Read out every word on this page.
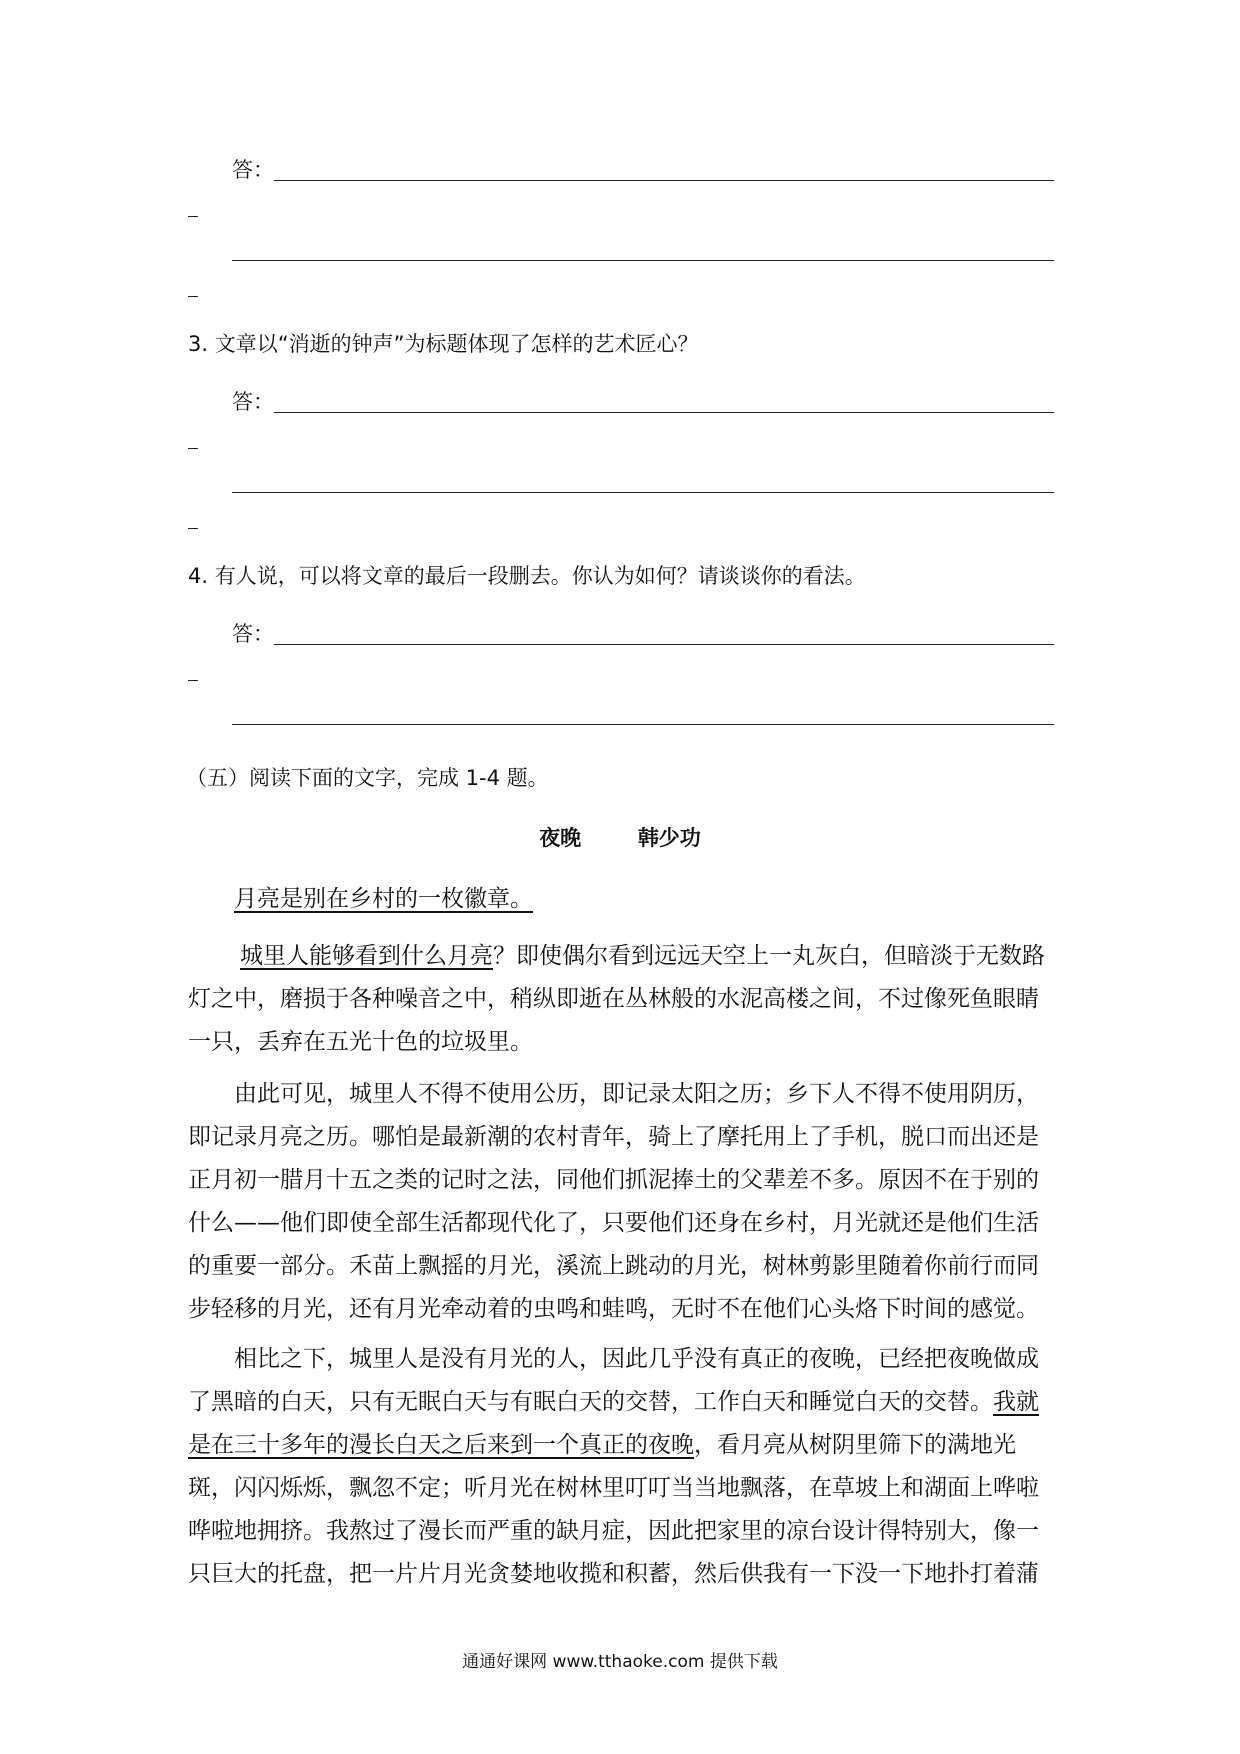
答：
3. 文章以“消逝的钟声”为标题体现了怎样的艺术匠心？
答：
4. 有人说，可以将文章的最后一段删去。你认为如何？请谈谈你的看法。
答：
（五）阅读下面的文字，完成 1-4 题。
夜晚	韩少功
月亮是别在乡村的一枚徽章。
城里人能够看到什么月亮？即使偶尔看到远远天空上一丸灰白，但暗淡于无数路灯之中，磨损于各种噪音之中，稍纵即逝在丛林般的水泥高楼之间，不过像死鱼眼睛一只，丢弃在五光十色的垃圾里。
由此可见，城里人不得不使用公历，即记录太阳之历；乡下人不得不使用阴历，即记录月亮之历。哪怕是最新潮的农村青年，骑上了摩托用上了手机，脱口而出还是正月初一腊月十五之类的记时之法，同他们抓泥捧土的父辈差不多。原因不在于别的什么——他们即使全部生活都现代化了，只要他们还身在乡村，月光就还是他们生活的重要一部分。禾苗上飘摇的月光，溪流上跳动的月光，树林剪影里随着你前行而同步轻移的月光，还有月光牵动着的虫鸣和蛙鸣，无时不在他们心头烙下时间的感觉。
相比之下，城里人是没有月光的人，因此几乎没有真正的夜晚，已经把夜晚做成了黑暗的白天，只有无眠白天与有眠白天的交替，工作白天和睡觉白天的交替。我就是在三十多年的漫长白天之后来到一个真正的夜晚，看月亮从树阴里筛下的满地光斑，闪闪烁烁，飘忽不定；听月光在树林里叮叮当当地飘落，在草坡上和湖面上哗啦哗啦地拥挤。我熬过了漫长而严重的缺月症，因此把家里的凉台设计得特别大，像一只巨大的托盘，把一片片月光贪婪地收揽和积蓄，然后供我有一下没一下地扑打着蒲
通通好课网 www.tthaoke.com 提供下载
